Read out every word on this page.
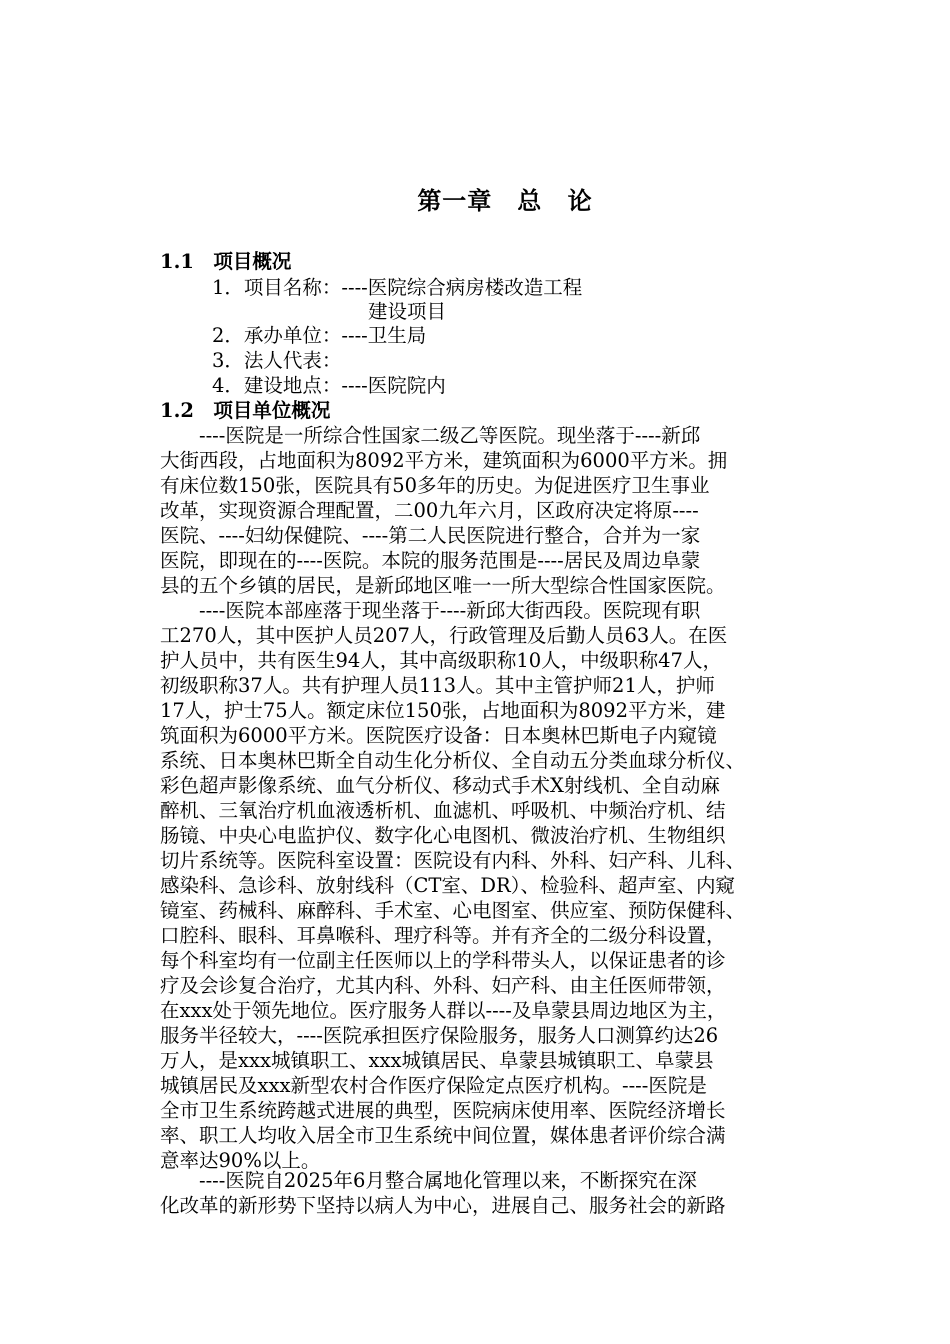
第一章　总 论
1.1　项目概况
1．项目名称：----医院综合病房楼改造工程
建设项目
2．承办单位：----卫生局
3．法人代表：
4．建设地点：----医院院内
1.2　项目单位概况
　　----医院是一所综合性国家二级乙等医院。现坐落于----新邱
大街西段，占地面积为8092平方米，建筑面积为6000平方米。拥
有床位数150张，医院具有50多年的历史。为促进医疗卫生事业
改革，实现资源合理配置，二00九年六月，区政府决定将原----
医院、----妇幼保健院、----第二人民医院进行整合，合并为一家
医院，即现在的----医院。本院的服务范围是----居民及周边阜蒙
县的五个乡镇的居民，是新邱地区唯一一所大型综合性国家医院。
　　----医院本部座落于现坐落于----新邱大街西段。医院现有职
工270人，其中医护人员207人，行政管理及后勤人员63人。在医
护人员中，共有医生94人，其中高级职称10人，中级职称47人，
初级职称37人。共有护理人员113人。其中主管护师21人，护师
17人，护士75人。额定床位150张，占地面积为8092平方米，建
筑面积为6000平方米。医院医疗设备：日本奥林巴斯电子内窥镜
系统、日本奥林巴斯全自动生化分析仪、全自动五分类血球分析仪、
彩色超声影像系统、血气分析仪、移动式手术X射线机、全自动麻
醉机、三氧治疗机血液透析机、血滤机、呼吸机、中频治疗机、结
肠镜、中央心电监护仪、数字化心电图机、微波治疗机、生物组织
切片系统等。医院科室设置：医院设有内科、外科、妇产科、儿科、
感染科、急诊科、放射线科（CT室、DR）、检验科、超声室、内窥
镜室、药械科、麻醉科、手术室、心电图室、供应室、预防保健科、
口腔科、眼科、耳鼻喉科、理疗科等。并有齐全的二级分科设置，
每个科室均有一位副主任医师以上的学科带头人，以保证患者的诊
疗及会诊复合治疗，尤其内科、外科、妇产科、由主任医师带领，
在xxx处于领先地位。医疗服务人群以----及阜蒙县周边地区为主，
服务半径较大，----医院承担医疗保险服务，服务人口测算约达26
万人，是xxx城镇职工、xxx城镇居民、阜蒙县城镇职工、阜蒙县
城镇居民及xxx新型农村合作医疗保险定点医疗机构。----医院是
全市卫生系统跨越式进展的典型，医院病床使用率、医院经济增长
率、职工人均收入居全市卫生系统中间位置，媒体患者评价综合满
意率达90%以上。
　　----医院自2025年6月整合属地化管理以来，不断探究在深
化改革的新形势下坚持以病人为中心，进展自己、服务社会的新路
